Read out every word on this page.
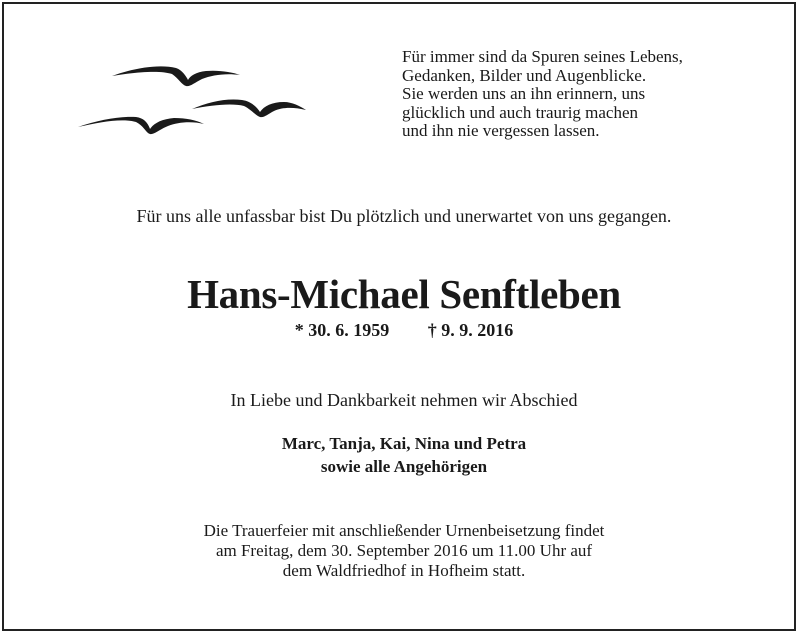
Für immer sind da Spuren seines Lebens,
Gedanken, Bilder und Augenblicke.
Sie werden uns an ihn erinnern, uns
glücklich und auch traurig machen
und ihn nie vergessen lassen.
Für uns alle unfassbar bist Du plötzlich und unerwartet von uns gegangen.
Hans-Michael Senftleben
* 30. 6. 1959 † 9. 9. 2016
In Liebe und Dankbarkeit nehmen wir Abschied
Marc, Tanja, Kai, Nina und Petra
sowie alle Angehörigen
Die Trauerfeier mit anschließender Urnenbeisetzung findet
am Freitag, dem 30. September 2016 um 11.00 Uhr auf
dem Waldfriedhof in Hofheim statt.
